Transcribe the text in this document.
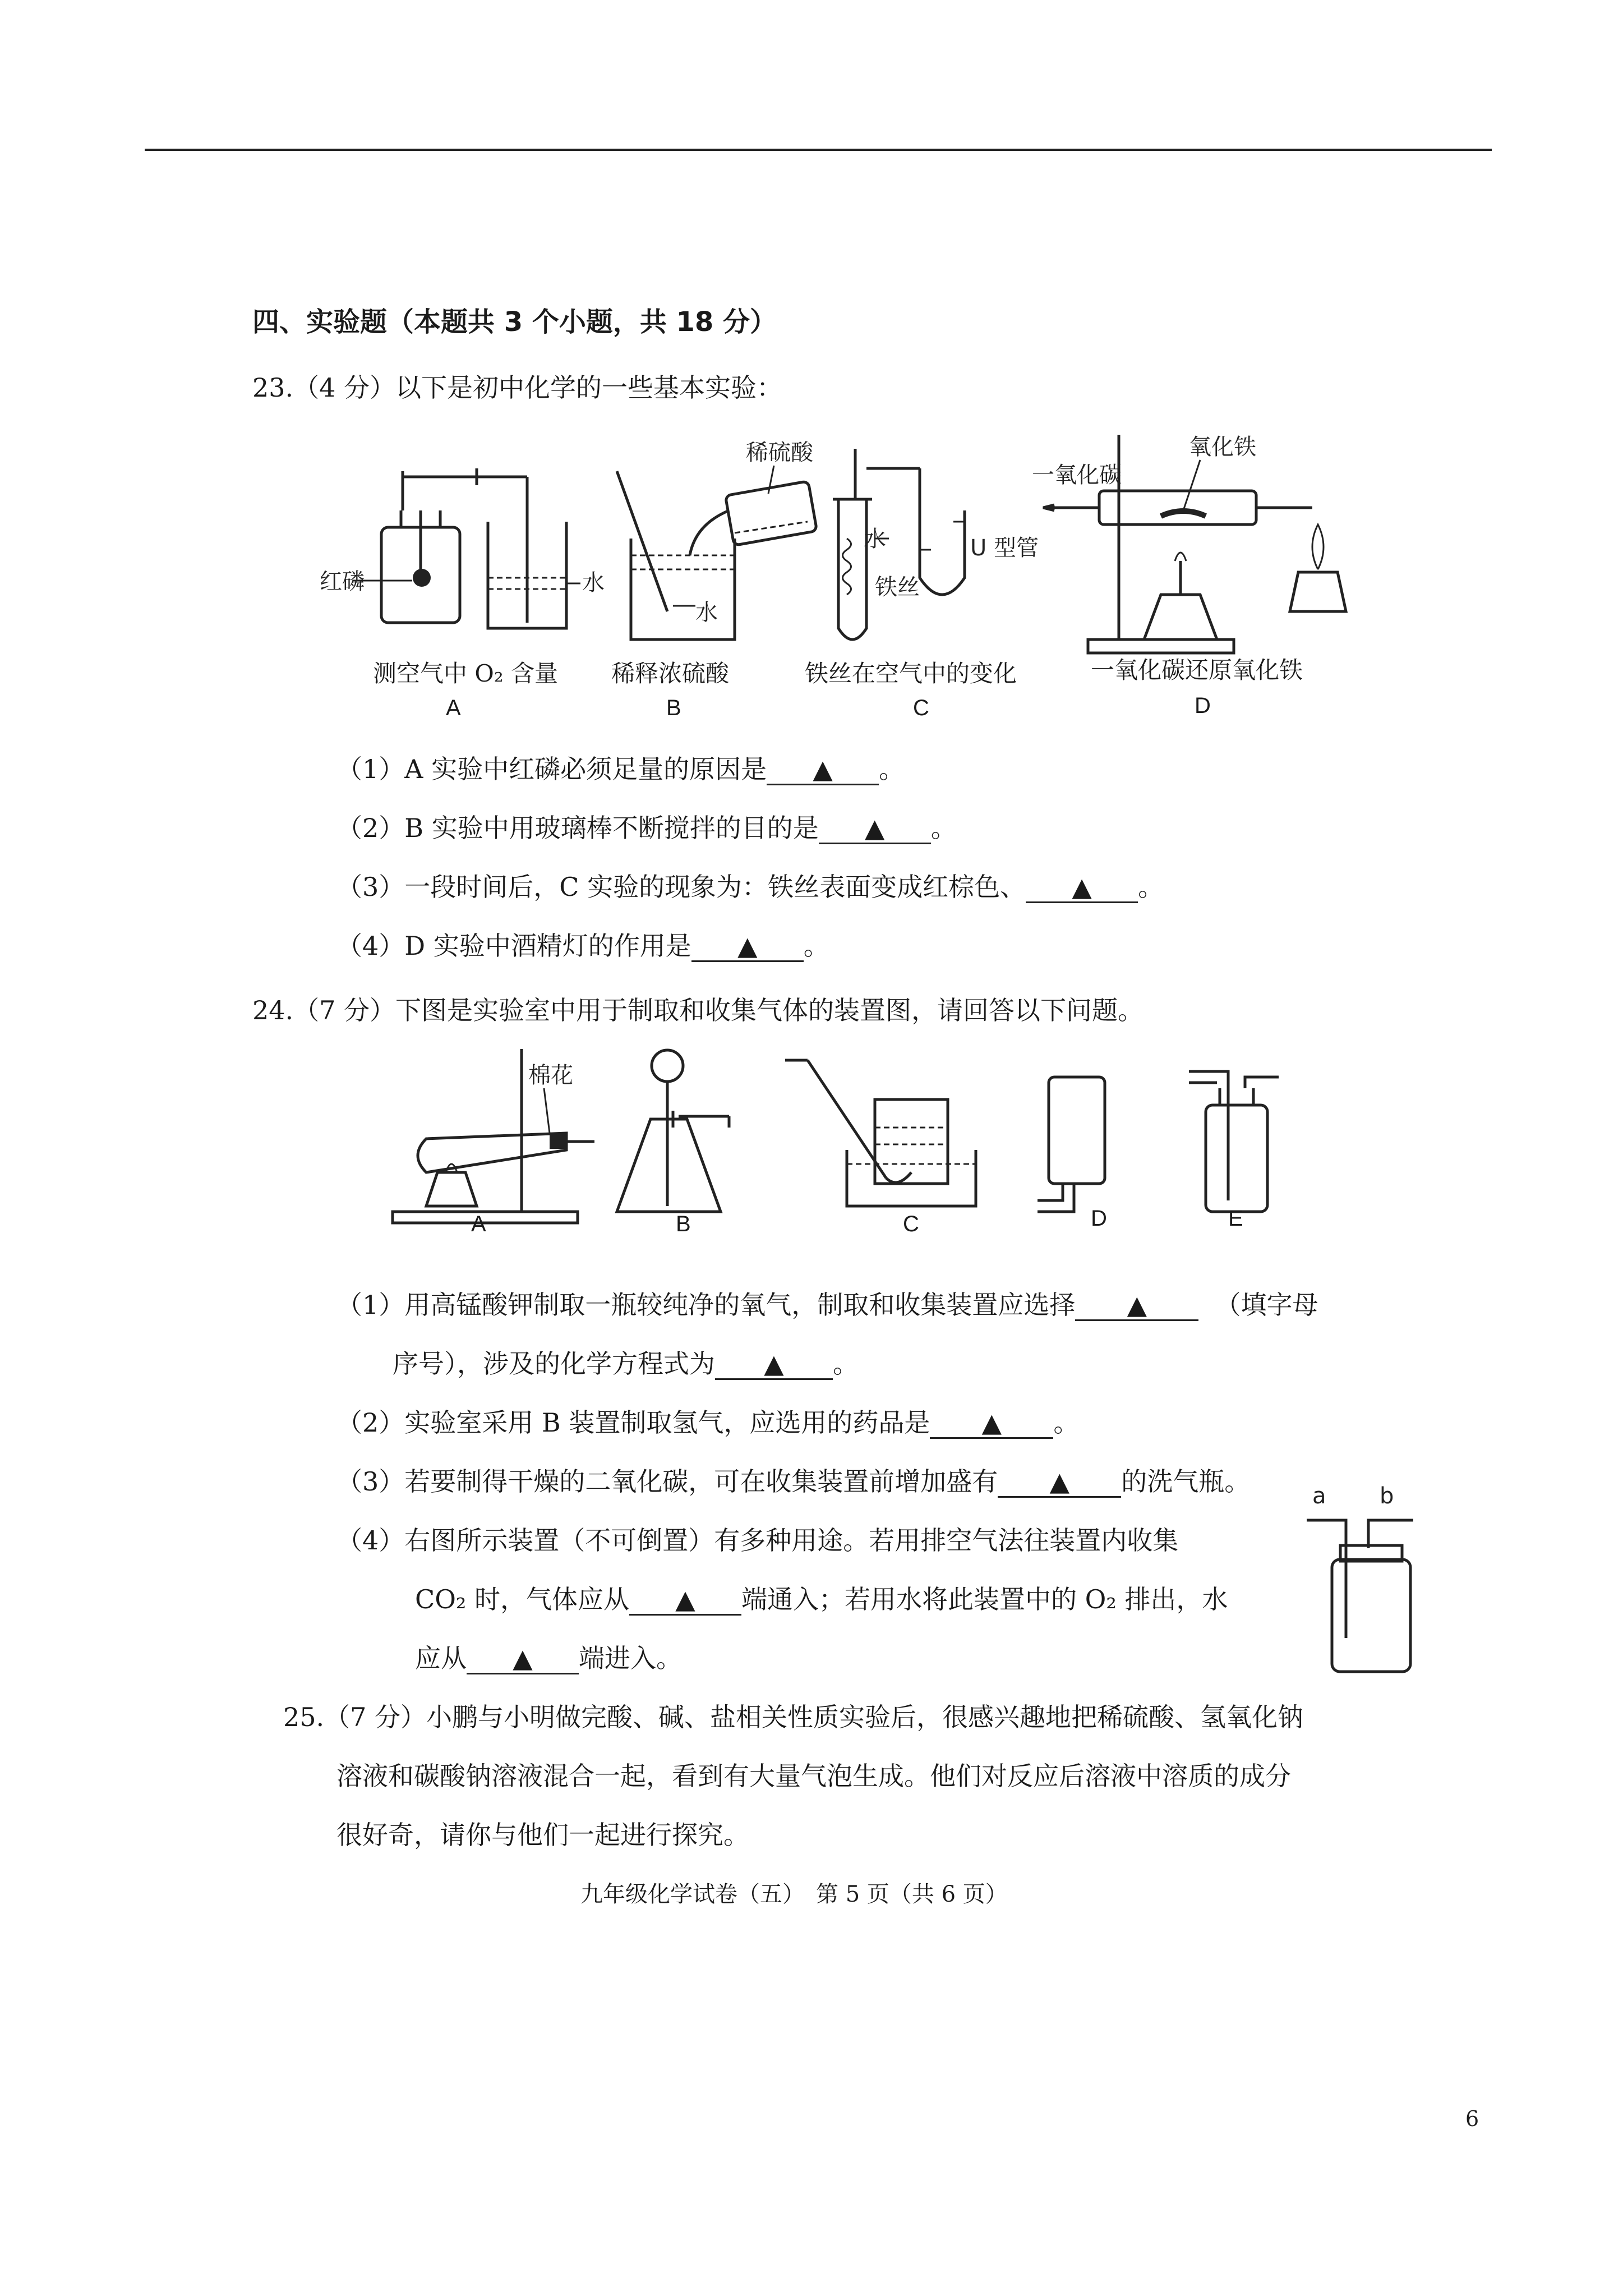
四、实验题（本题共 3 个小题，共 18 分）
23.（4 分）以下是初中化学的一些基本实验：
红磷	水
稀硫酸
水
水
铁丝
U 型管
一氧化碳
氧化铁
测空气中 O₂ 含量 稀释浓硫酸	铁丝在空气中的变化	一氧化碳还原氧化铁
A	B	C	D
（1）A 实验中红磷必须足量的原因是 ▲ 。
（2）B 实验中用玻璃棒不断搅拌的目的是 ▲ 。
（3）一段时间后，C 实验的现象为：铁丝表面变成红棕色、 ▲ 。
（4）D 实验中酒精灯的作用是 ▲ 。
24.（7 分）下图是实验室中用于制取和收集气体的装置图，请回答以下问题。
棉花
A	B	C	D	E
（1）用高锰酸钾制取一瓶较纯净的氧气，制取和收集装置应选择 ▲	（填字母
序号），涉及的化学方程式为 ▲ 。
（2）实验室采用 B 装置制取氢气，应选用的药品是 ▲ 。
（3）若要制得干燥的二氧化碳，可在收集装置前增加盛有 ▲ 的洗气瓶。
（4）右图所示装置（不可倒置）有多种用途。若用排空气法往装置内收集
CO₂ 时，气体应从 ▲ 端通入；若用水将此装置中的 O₂ 排出，水
应从 ▲ 端进入。
a b
25.（7 分）小鹏与小明做完酸、碱、盐相关性质实验后，很感兴趣地把稀硫酸、氢氧化钠
溶液和碳酸钠溶液混合一起，看到有大量气泡生成。他们对反应后溶液中溶质的成分
很好奇，请你与他们一起进行探究。
九年级化学试卷（五）　第 5 页（共 6 页）
6
